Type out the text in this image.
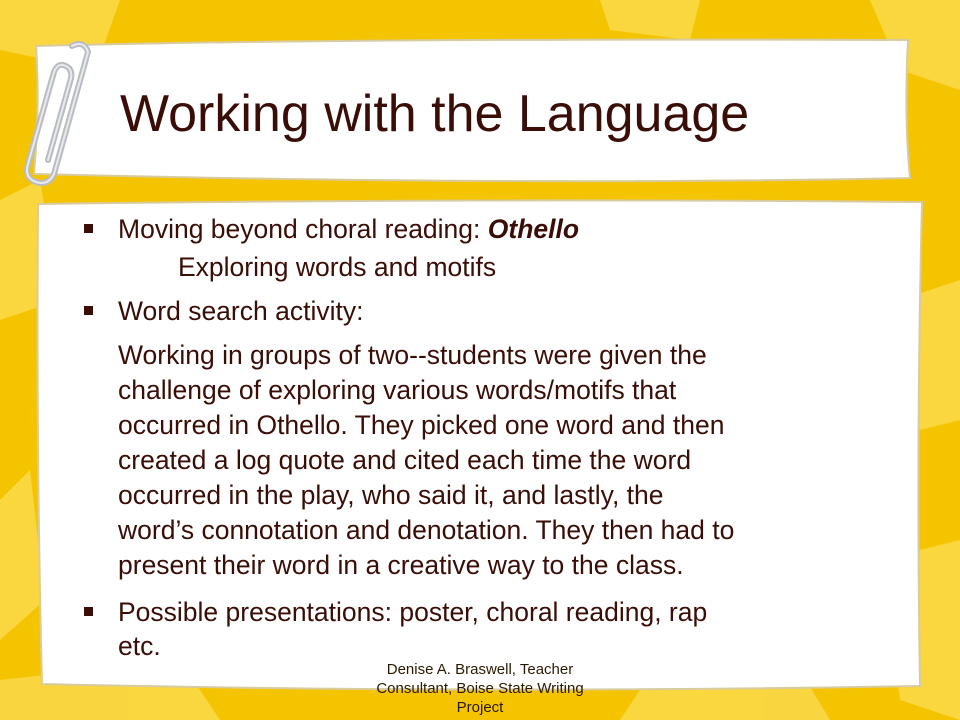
Working with the Language
Moving beyond choral reading: Othello
Exploring words and motifs
Word search activity:
Working in groups of two--students were given the
challenge of exploring various words/motifs that
occurred in Othello. They picked one word and then
created a log quote and cited each time the word
occurred in the play, who said it, and lastly, the
word’s connotation and denotation. They then had to
present their word in a creative way to the class.
Possible presentations: poster, choral reading, rap
etc.
Denise A. Braswell, Teacher
Consultant, Boise State Writing
Project
